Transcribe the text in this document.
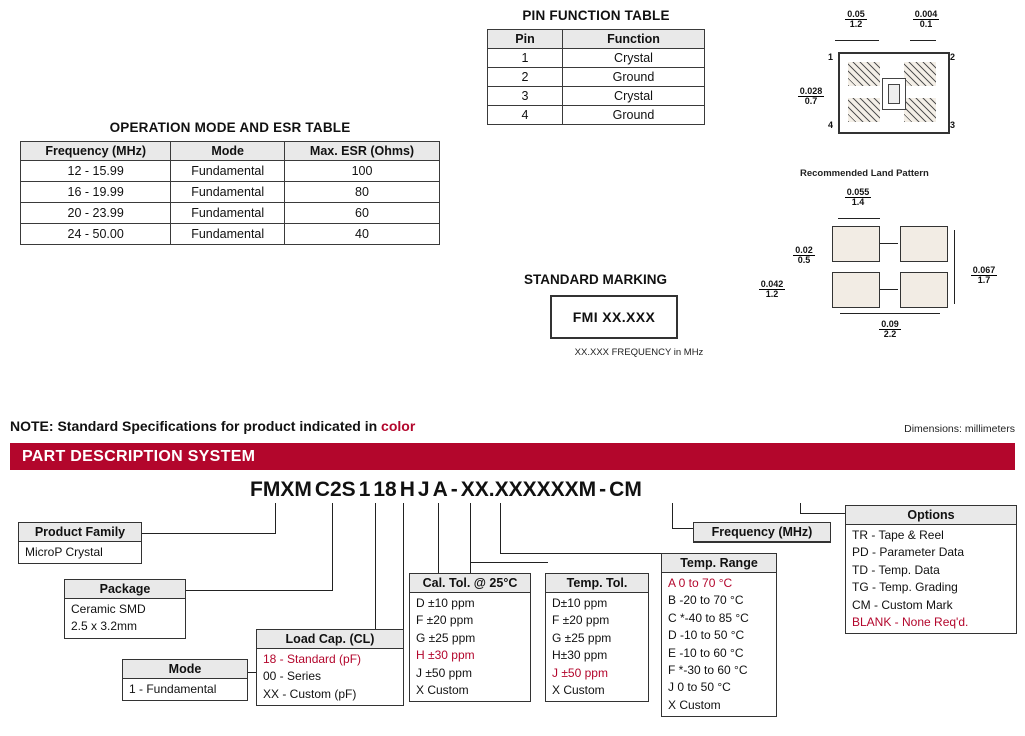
PIN FUNCTION TABLE
Pin	Function
1	Crystal
2	Ground
3	Crystal
4	Ground
OPERATION MODE AND ESR TABLE
Frequency (MHz)	Mode	Max. ESR (Ohms)
12 - 15.99	Fundamental	100
16 - 19.99	Fundamental	80
20 - 23.99	Fundamental	60
24 - 50.00	Fundamental	40
STANDARD MARKING
FMI XX.XXX
XX.XXX FREQUENCY in MHz
0.05
1.2
0.004
0.1
0.028
0.7
1	2
4	3
Recommended Land Pattern
0.055
1.4
0.02
0.5
0.042
1.2
0.067
1.7
0.09
2.2
NOTE: Standard Specifications for product indicated in color	Dimensions: millimeters
PART DESCRIPTION SYSTEM
FMXM C2S 1 18 H J A - XX.XXXXXXM - CM
Product Family
MicroP Crystal
Package
Ceramic SMD
2.5 x 3.2mm
Mode
1 - Fundamental
Load Cap. (CL)
18 - Standard (pF)
00 - Series
XX - Custom (pF)
Cal. Tol. @ 25°C
D ±10 ppm
F ±20 ppm
G ±25 ppm
H ±30 ppm
J ±50 ppm
X Custom
Temp. Tol.
D±10 ppm
F ±20 ppm
G ±25 ppm
H±30 ppm
J ±50 ppm
X Custom
Temp. Range
A 0 to 70 °C
B -20 to 70 °C
C *-40 to 85 °C
D -10 to 50 °C
E -10 to 60 °C
F *-30 to 60 °C
J 0 to 50 °C
X Custom
Frequency (MHz)
Options
TR - Tape & Reel
PD - Parameter Data
TD - Temp. Data
TG - Temp. Grading
CM - Custom Mark
BLANK - None Req'd.
